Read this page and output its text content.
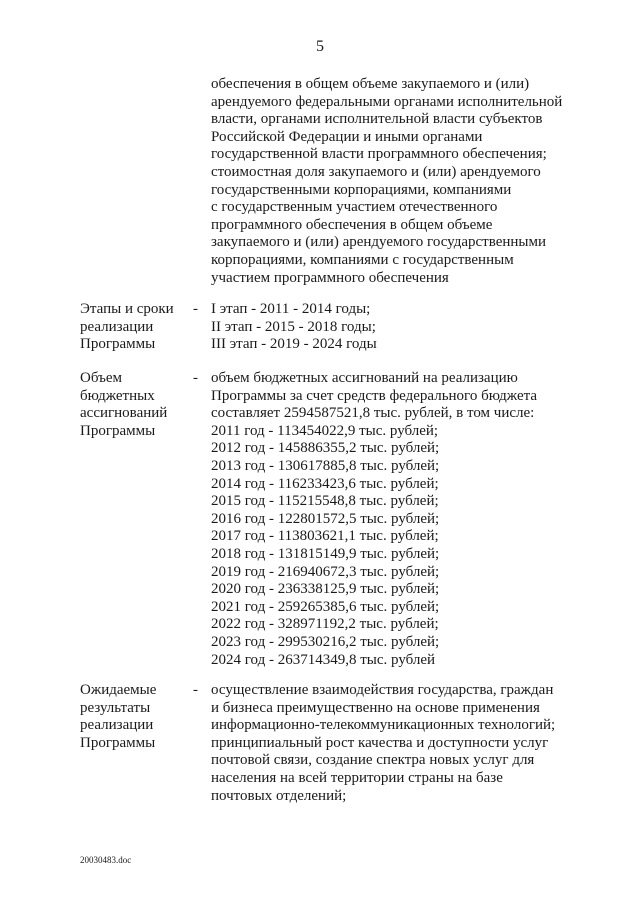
5
обеспечения в общем объеме закупаемого и (или)
арендуемого федеральными органами исполнительной
власти, органами исполнительной власти субъектов
Российской Федерации и иными органами
государственной власти программного обеспечения;
стоимостная доля закупаемого и (или) арендуемого
государственными корпорациями, компаниями
с государственным участием отечественного
программного обеспечения в общем объеме
закупаемого и (или) арендуемого государственными
корпорациями, компаниями с государственным
участием программного обеспечения
Этапы и сроки
реализации
Программы
- I этап - 2011 - 2014 годы;
II этап - 2015 - 2018 годы;
III этап - 2019 - 2024 годы
Объем
бюджетных
ассигнований
Программы
- объем бюджетных ассигнований на реализацию
Программы за счет средств федерального бюджета
составляет 2594587521,8 тыс. рублей, в том числе:
2011 год - 113454022,9 тыс. рублей;
2012 год - 145886355,2 тыс. рублей;
2013 год - 130617885,8 тыс. рублей;
2014 год - 116233423,6 тыс. рублей;
2015 год - 115215548,8 тыс. рублей;
2016 год - 122801572,5 тыс. рублей;
2017 год - 113803621,1 тыс. рублей;
2018 год - 131815149,9 тыс. рублей;
2019 год - 216940672,3 тыс. рублей;
2020 год - 236338125,9 тыс. рублей;
2021 год - 259265385,6 тыс. рублей;
2022 год - 328971192,2 тыс. рублей;
2023 год - 299530216,2 тыс. рублей;
2024 год - 263714349,8 тыс. рублей
Ожидаемые
результаты
реализации
Программы
- осуществление взаимодействия государства, граждан
и бизнеса преимущественно на основе применения
информационно-телекоммуникационных технологий;
принципиальный рост качества и доступности услуг
почтовой связи, создание спектра новых услуг для
населения на всей территории страны на базе
почтовых отделений;
20030483.doc
